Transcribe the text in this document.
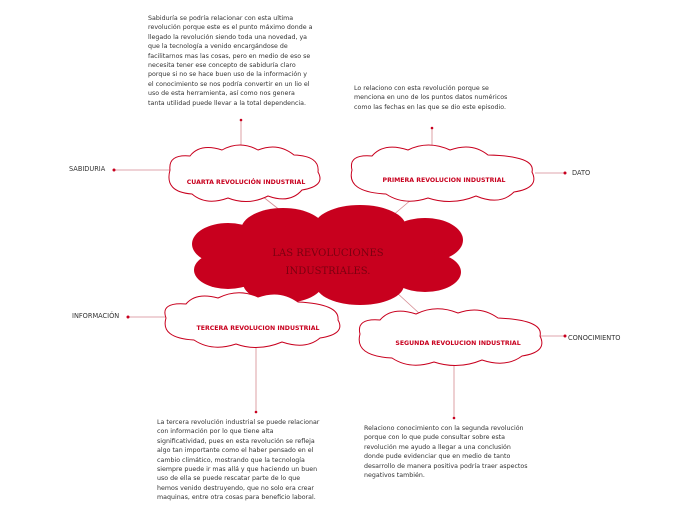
LAS REVOLUCIONES
INDUSTRIALES.
CUARTA REVOLUCIÓN INDUSTRIAL	PRIMERA REVOLUCION INDUSTRIAL
TERCERA REVOLUCION INDUSTRIAL
SEGUNDA REVOLUCION INDUSTRIAL
SABIDURIA	DATO
INFORMACIÓN
CONOCIMIENTO
Sabiduría se podría relacionar con esta ultima
revolución porque este es el punto máximo donde a
llegado la revolución siendo toda una novedad, ya
que la tecnología a venido encargándose de
facilitarnos mas las cosas, pero en medio de eso se
necesita tener ese concepto de sabiduría claro
porque si no se hace buen uso de la información y
el conocimiento se nos podría convertir en un lio el
uso de esta herramienta, así como nos genera
tanta utilidad puede llevar a la total dependencia.
Lo relaciono con esta revolución porque se
menciona en uno de los puntos datos numéricos
como las fechas en las que se dio este episodio.
La tercera revolución industrial se puede relacionar
con información por lo que tiene alta
significatividad, pues en esta revolución se refleja
algo tan importante como el haber pensado en el
cambio climático, mostrando que la tecnología
siempre puede ir mas allá y que haciendo un buen
uso de ella se puede rescatar parte de lo que
hemos venido destruyendo, que no solo era crear
maquinas, entre otra cosas para beneficio laboral.
Relaciono conocimiento con la segunda revolución
porque con lo que pude consultar sobre esta
revolución me ayudo a llegar a una conclusión
donde pude evidenciar que en medio de tanto
desarrollo de manera positiva podría traer aspectos
negativos también.
